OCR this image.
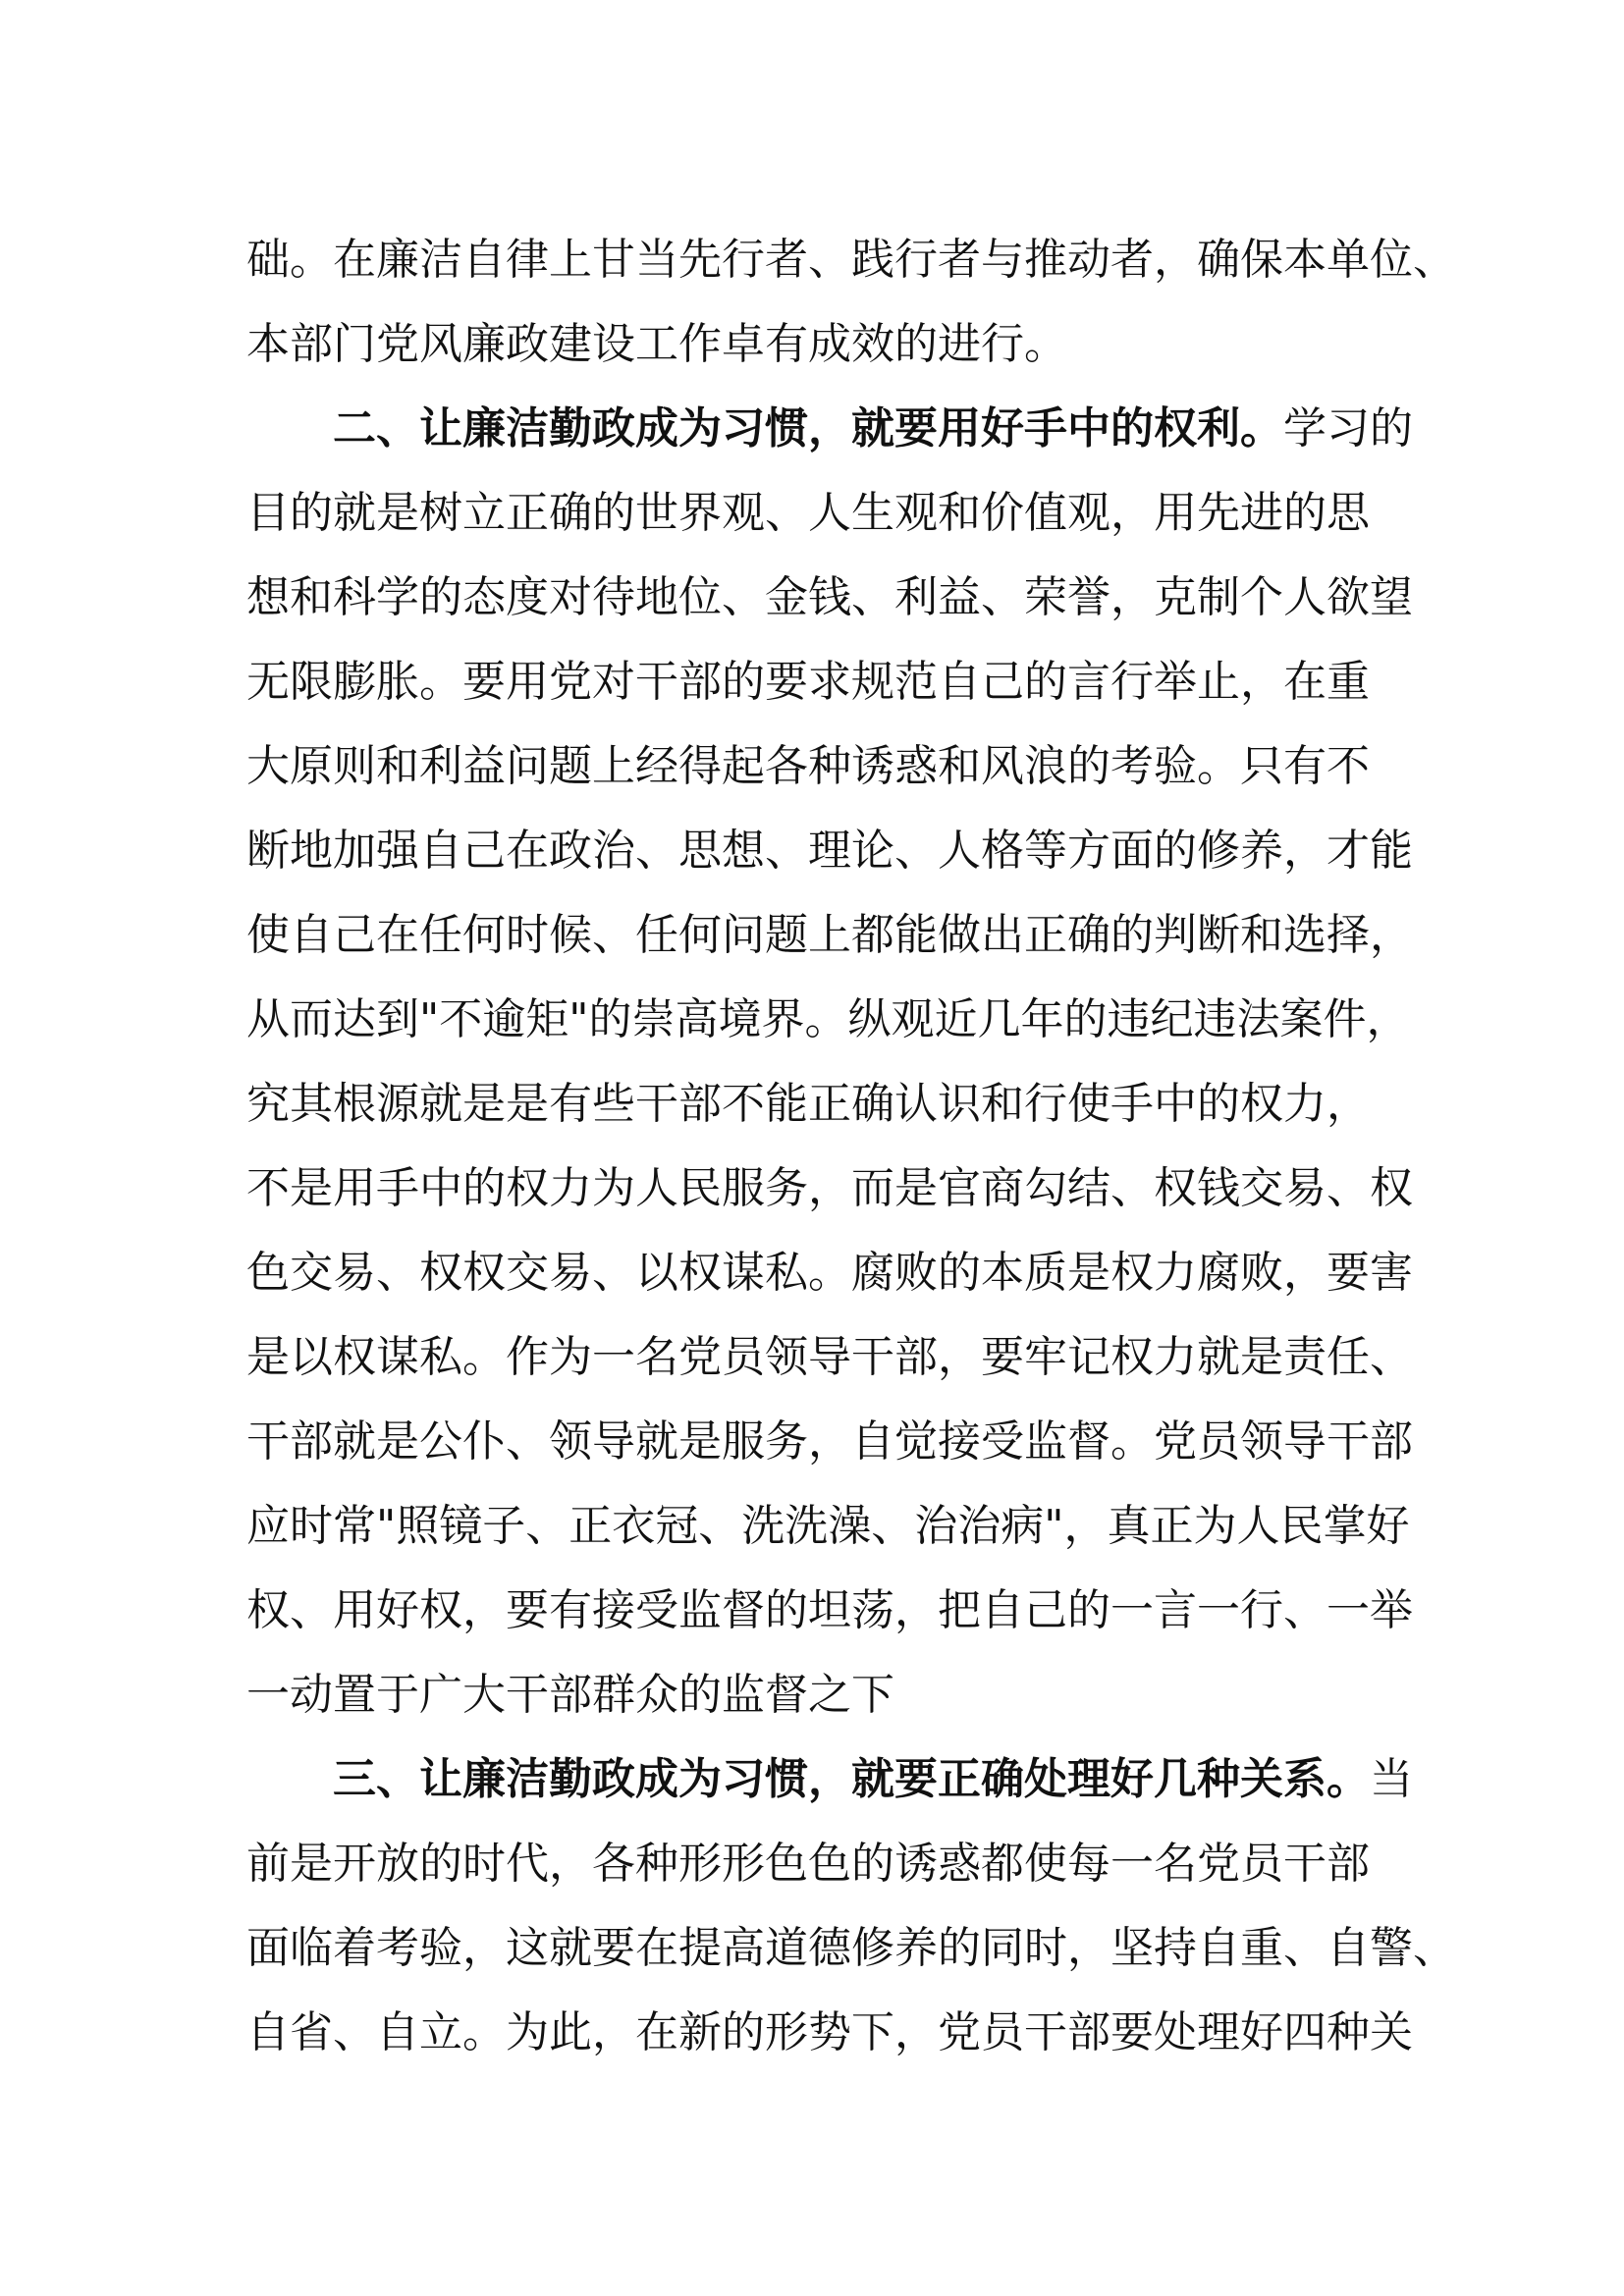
础。在廉洁自律上甘当先行者、践行者与推动者，确保本单位、
本部门党风廉政建设工作卓有成效的进行。
二、让廉洁勤政成为习惯，就要用好手中的权利。学习的
目的就是树立正确的世界观、人生观和价值观，用先进的思
想和科学的态度对待地位、金钱、利益、荣誉，克制个人欲望
无限膨胀。要用党对干部的要求规范自己的言行举止，在重
大原则和利益问题上经得起各种诱惑和风浪的考验。只有不
断地加强自己在政治、思想、理论、人格等方面的修养，才能
使自己在任何时候、任何问题上都能做出正确的判断和选择，
从而达到"不逾矩"的崇高境界。纵观近几年的违纪违法案件，
究其根源就是是有些干部不能正确认识和行使手中的权力，
不是用手中的权力为人民服务，而是官商勾结、权钱交易、权
色交易、权权交易、以权谋私。腐败的本质是权力腐败，要害
是以权谋私。作为一名党员领导干部，要牢记权力就是责任、
干部就是公仆、领导就是服务，自觉接受监督。党员领导干部
应时常"照镜子、正衣冠、洗洗澡、治治病"，真正为人民掌好
权、用好权，要有接受监督的坦荡，把自己的一言一行、一举
一动置于广大干部群众的监督之下
三、让廉洁勤政成为习惯，就要正确处理好几种关系。当
前是开放的时代，各种形形色色的诱惑都使每一名党员干部
面临着考验，这就要在提高道德修养的同时，坚持自重、自警、
自省、自立。为此，在新的形势下，党员干部要处理好四种关
